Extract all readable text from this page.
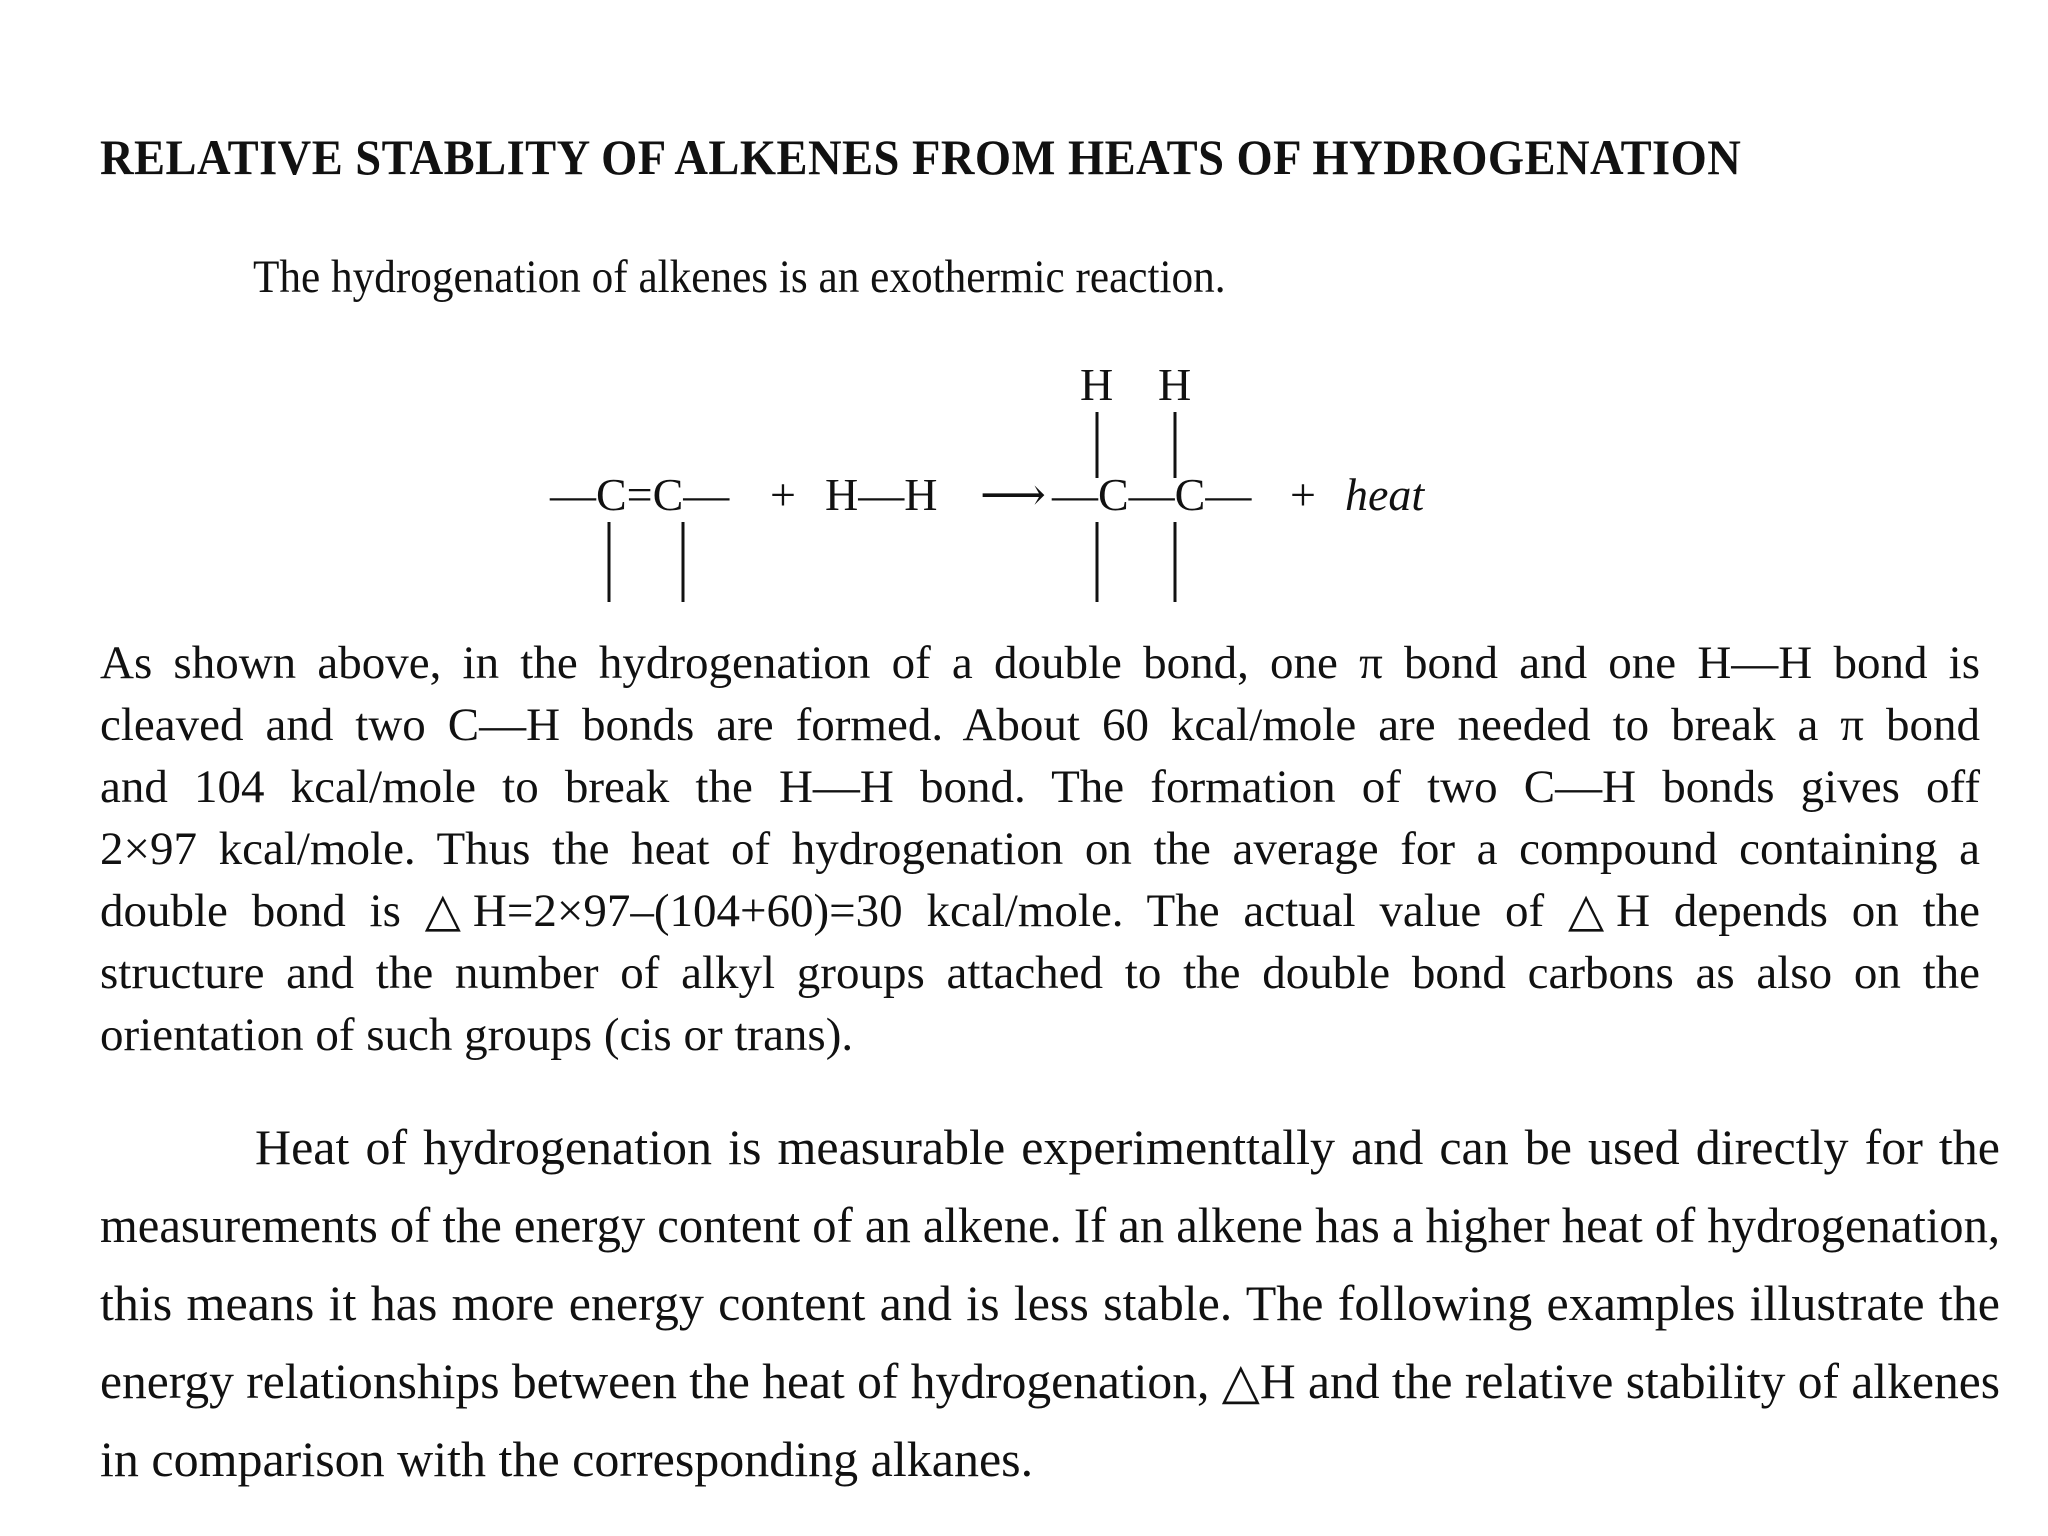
RELATIVE STABLITY OF ALKENES FROM HEATS OF HYDROGENATION
The hydrogenation of alkenes is an exothermic reaction.
—C=C— + H—H ⟶
H H
—C—C— + heat
As shown above, in the hydrogenation of a double bond, one π bond and one H—H bond is
cleaved and two C—H bonds are formed. About 60 kcal/mole are needed to break a π bond
and 104 kcal/mole to break the H—H bond. The formation of two C—H bonds gives off
2×97 kcal/mole. Thus the heat of hydrogenation on the average for a compound containing a
double bond is △H=2×97–(104+60)=30 kcal/mole. The actual value of △H depends on the
structure and the number of alkyl groups attached to the double bond carbons as also on the
orientation of such groups (cis or trans).
Heat of hydrogenation is measurable experimenttally and can be used directly for the
measurements of the energy content of an alkene. If an alkene has a higher heat of hydrogenation,
this means it has more energy content and is less stable. The following examples illustrate the
energy relationships between the heat of hydrogenation, △H and the relative stability of alkenes
in comparison with the corresponding alkanes.
